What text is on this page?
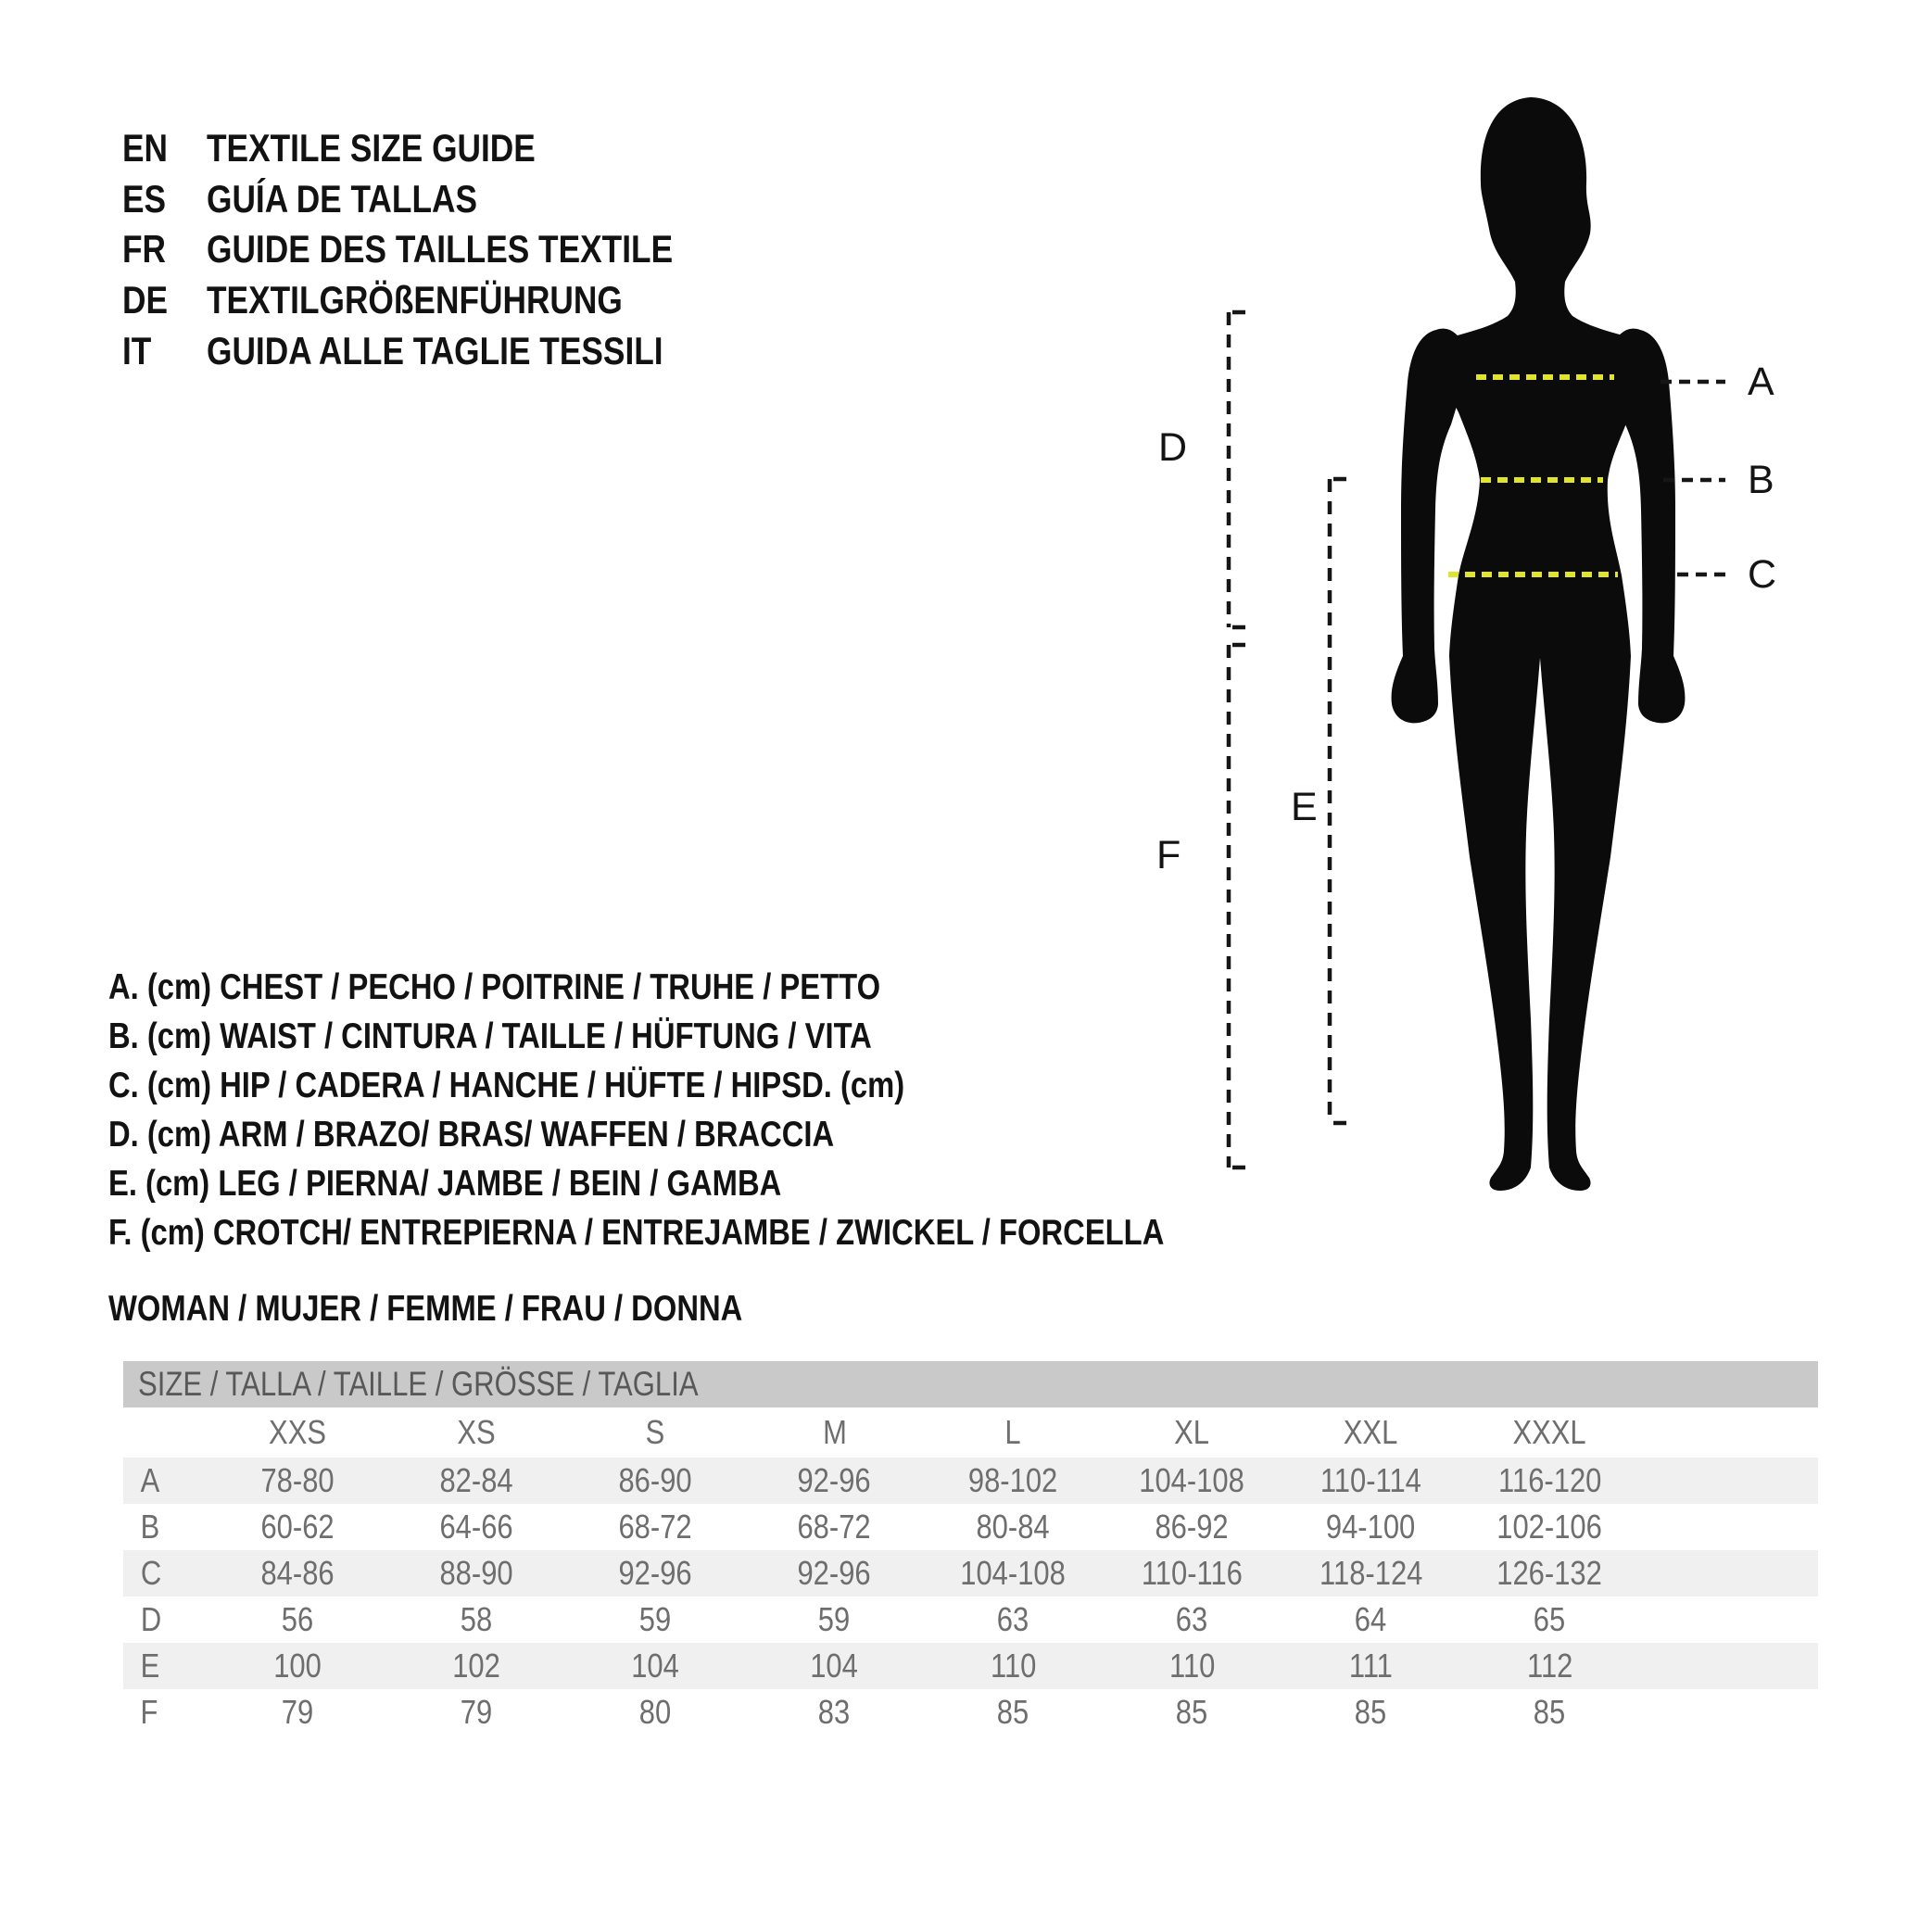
EN TEXTILE SIZE GUIDE
ES GUÍA DE TALLAS
FR GUIDE DES TAILLES TEXTILE
DE TEXTILGRÖßENFÜHRUNG
IT GUIDA ALLE TAGLIE TESSILI
A. (cm) CHEST / PECHO / POITRINE / TRUHE / PETTO
B. (cm) WAIST / CINTURA / TAILLE / HÜFTUNG / VITA
C. (cm) HIP / CADERA / HANCHE / HÜFTE / HIPSD. (cm)
D. (cm) ARM / BRAZO/ BRAS/ WAFFEN / BRACCIA
E. (cm) LEG / PIERNA/ JAMBE / BEIN / GAMBA
F. (cm) CROTCH/ ENTREPIERNA / ENTREJAMBE / ZWICKEL / FORCELLA
WOMAN / MUJER / FEMME / FRAU / DONNA
SIZE / TALLA / TAILLE / GRÖSSE / TAGLIA
XXS	XS	S	M	L	XL	XXL	XXXL
A	78-80	82-84	86-90	92-96	98-102	104-108	110-114	116-120
B	60-62	64-66	68-72	68-72	80-84	86-92	94-100	102-106
C	84-86	88-90	92-96	92-96	104-108	110-116	118-124	126-132
D	56	58	59	59	63	63	64	65
E	100	102	104	104	110	110	111	112
F	79	79	80	83	85	85	85	85
A
B
C
D
E
F
